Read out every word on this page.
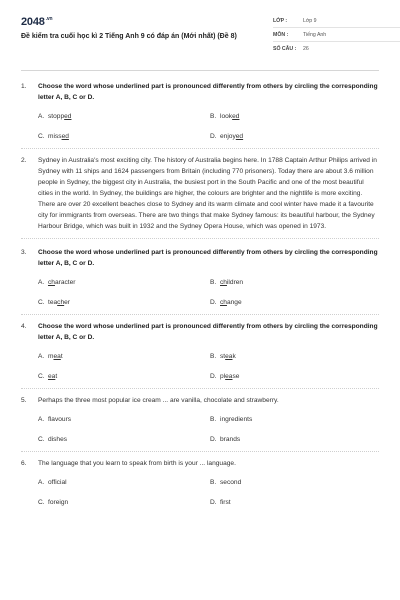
$2048^{.vn}$
Đề kiểm tra cuối học kì 2 Tiếng Anh 9 có đáp án (Mới nhất) (Đề 8)
LỚP :	Lớp 9
MÔN :	Tiếng Anh
SỐ CÂU :	26
1. Choose the word whose underlined part is pronounced differently from others by circling the corresponding letter A, B, C or D.
A. stopped	B. looked
C. missed	D. enjoyed
2. Sydney in Australia's most exciting city. The history of Australia begins here. In 1788 Captain Arthur Philips arrived in Sydney with 11 ships and 1624 passengers from Britain (including 770 prisoners). Today there are about 3.6 million people in Sydney, the biggest city in Australia, the busiest port in the South Pacific and one of the most beautiful cities in the world. In Sydney, the buildings are higher, the colours are brighter and the nightlife is more exciting. There are over 20 excellent beaches close to Sydney and its warm climate and cool winter have made it a favourite city for immigrants from overseas. There are two things that make Sydney famous: its beautiful harbour, the Sydney Harbour Bridge, which was built in 1932 and the Sydney Opera House, which was opened in 1973.
3. Choose the word whose underlined part is pronounced differently from others by circling the corresponding letter A, B, C or D.
A. character	B. children
C. teacher	D. change
4. Choose the word whose underlined part is pronounced differently from others by circling the corresponding letter A, B, C or D.
A. meat	B. steak
C. eat	D. please
5. Perhaps the three most popular ice cream ... are vanilla, chocolate and strawberry.
A. flavours	B. ingredients
C. dishes	D. brands
6. The language that you learn to speak from birth is your ... language.
A. official	B. second
C. foreign	D. first
